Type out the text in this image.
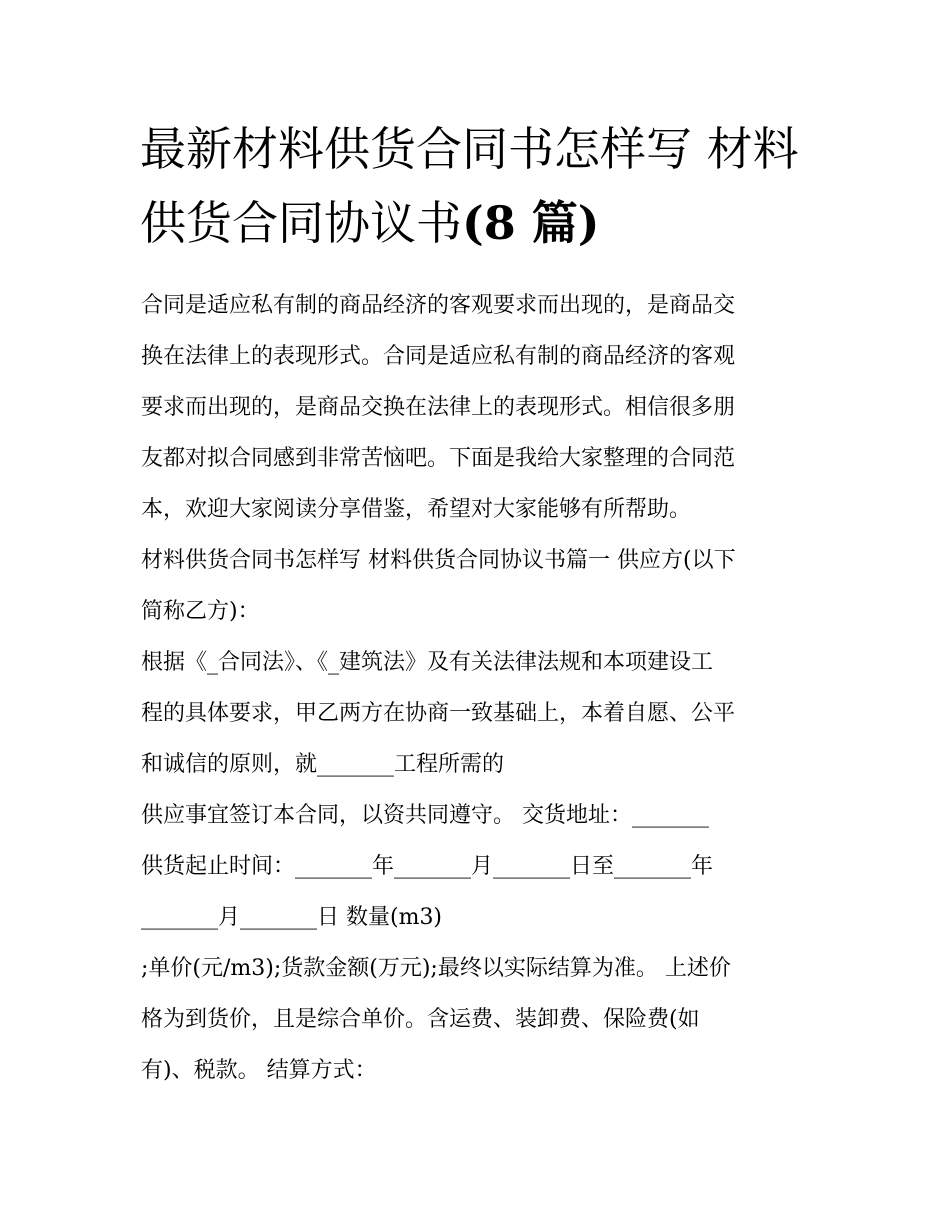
最新材料供货合同书怎样写 材料供货合同协议书(8 篇)
合同是适应私有制的商品经济的客观要求而出现的，是商品交
换在法律上的表现形式。合同是适应私有制的商品经济的客观
要求而出现的，是商品交换在法律上的表现形式。相信很多朋
友都对拟合同感到非常苦恼吧。下面是我给大家整理的合同范
本，欢迎大家阅读分享借鉴，希望对大家能够有所帮助。
材料供货合同书怎样写 材料供货合同协议书篇一 供应方(以下
简称乙方)：
根据《_合同法》、《_建筑法》及有关法律法规和本项建设工
程的具体要求，甲乙两方在协商一致基础上，本着自愿、公平
和诚信的原则，就_______工程所需的
供应事宜签订本合同，以资共同遵守。 交货地址：_______
供货起止时间：_______年_______月_______日至_______年
_______月_______日 数量(m3)
;单价(元/m3);货款金额(万元);最终以实际结算为准。 上述价
格为到货价，且是综合单价。含运费、装卸费、保险费(如
有)、税款。 结算方式：
